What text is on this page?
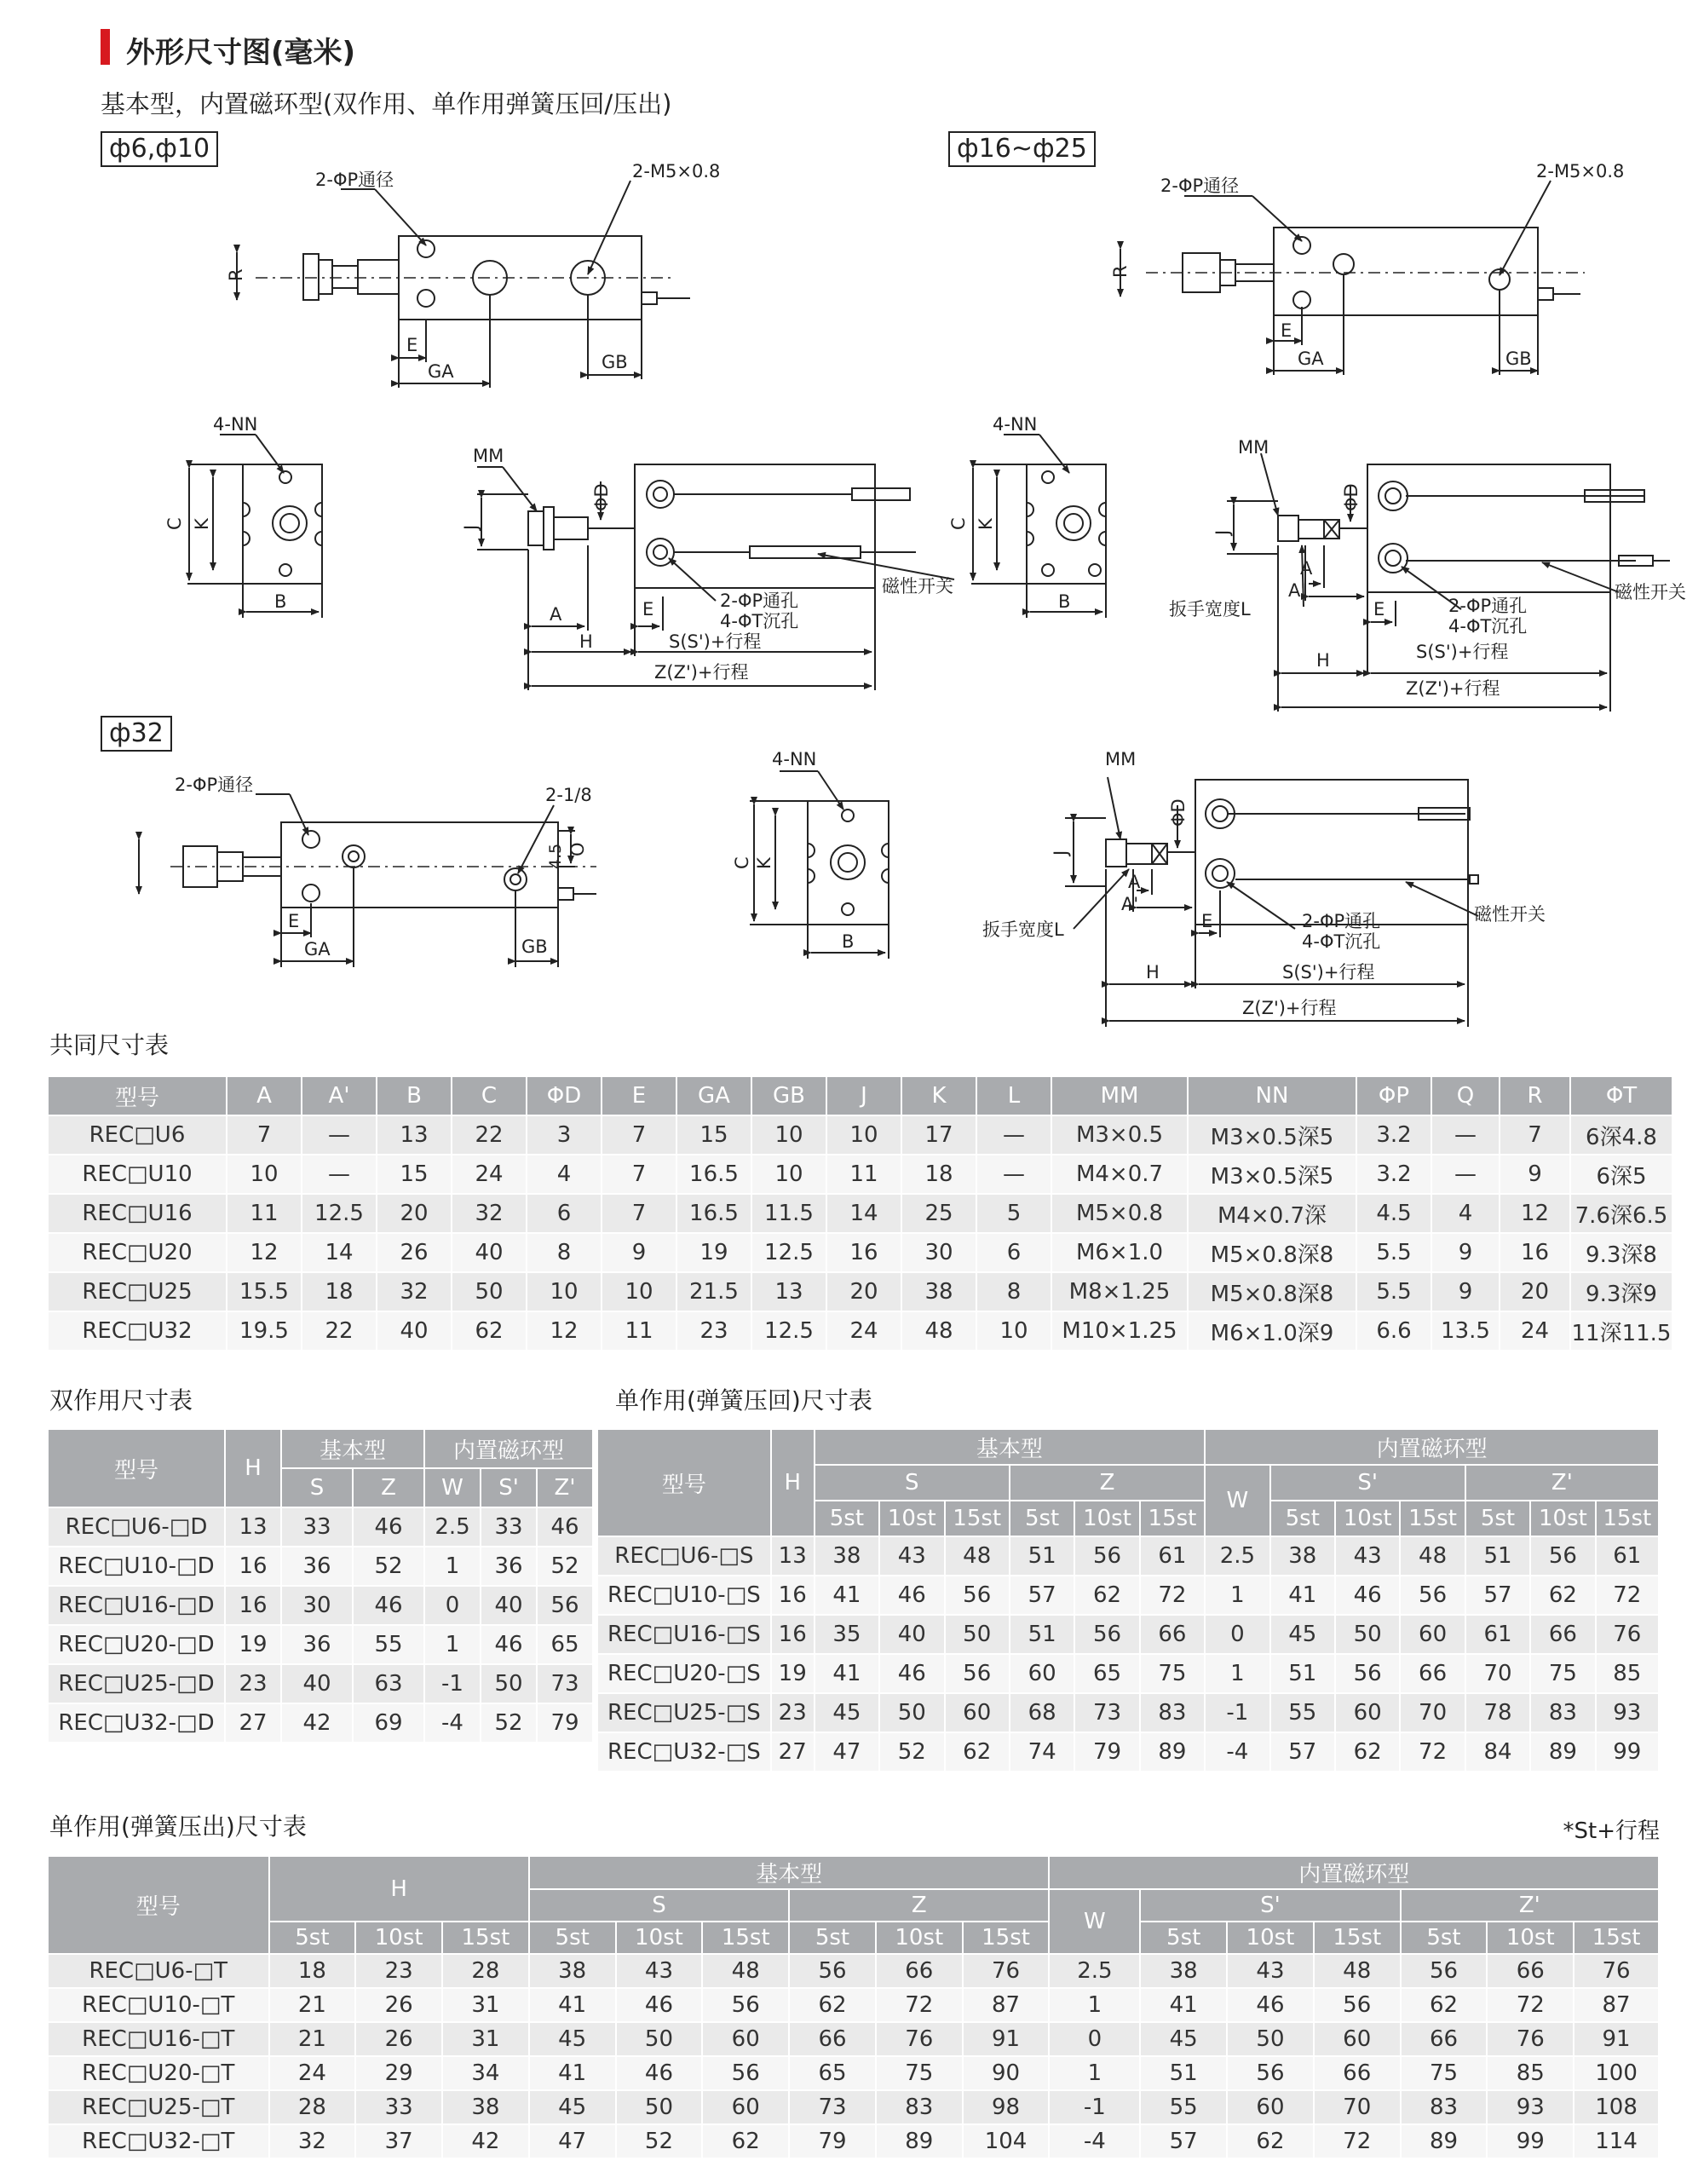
外形尺寸图(毫米)
基本型，内置磁环型(双作用、单作用弹簧压回/压出)
ф6,ф10	ф16~ф25
ф32
2-ΦP通径	2-M5×0.8
R
E
GA	GB
2-ΦP通径
2-M5×0.8
R
E
GA	GB
4-NN
C K
B
MM
J
ΦD
A	E
H
2-ΦP通孔
4-ΦT沉孔
S(S')+行程
Z(Z')+行程
磁性开关
4-NN
C K
B
MM
J
ΦD
A
A'
扳手宽度L	E	2-ΦP通孔
4-ΦT沉孔
H	S(S')+行程
Z(Z')+行程
磁性开关
2-ΦP通径	2-1/8
4.5 O
E
GA	GB
4-NN
C K
B
MM
J
ΦD
A
A'
扳手宽度L	E	2-ΦP通孔
4-ΦT沉孔
H	S(S')+行程
Z(Z')+行程
磁性开关
共同尺寸表
型号	A	A'	B	C	ΦD	E	GA	GB	J	K	L	MM	NN	ΦP	Q	R	ΦT
REC□U6	7	—	13	22	3	7	15	10	10	17	—	M3×0.5	M3×0.5深5	3.2	—	7	6深4.8
REC□U10	10	—	15	24	4	7	16.5	10	11	18	—	M4×0.7	M3×0.5深5	3.2	—	9	6深5
REC□U16	11	12.5	20	32	6	7	16.5	11.5	14	25	5	M5×0.8	M4×0.7深	4.5	4	12	7.6深6.5
REC□U20	12	14	26	40	8	9	19	12.5	16	30	6	M6×1.0	M5×0.8深8	5.5	9	16	9.3深8
REC□U25	15.5	18	32	50	10	10	21.5	13	20	38	8	M8×1.25	M5×0.8深8	5.5	9	20	9.3深9
REC□U32	19.5	22	40	62	12	11	23	12.5	24	48	10	M10×1.25	M6×1.0深9	6.6	13.5	24	11深11.5
双作用尺寸表
型号	H	基本型		内置磁环型		
		S	Z	W	S'	Z'
REC□U6-□D	13	33	46	2.5	33	46
REC□U10-□D	16	36	52	1	36	52
REC□U16-□D	16	30	46	0	40	56
REC□U20-□D	19	36	55	1	46	65
REC□U25-□D	23	40	63	-1	50	73
REC□U32-□D	27	42	69	-4	52	79
单作用(弹簧压回)尺寸表
型号	H	基本型						内置磁环型						
		S			Z			W	S'			Z'		
		5st	10st	15st	5st	10st	15st		5st	10st	15st	5st	10st	15st
REC□U6-□S	13	38	43	48	51	56	61	2.5	38	43	48	51	56	61
REC□U10-□S	16	41	46	56	57	62	72	1	41	46	56	57	62	72
REC□U16-□S	16	35	40	50	51	56	66	0	45	50	60	61	66	76
REC□U20-□S	19	41	46	56	60	65	75	1	51	56	66	70	75	85
REC□U25-□S	23	45	50	60	68	73	83	-1	55	60	70	78	83	93
REC□U32-□S	27	47	52	62	74	79	89	-4	57	62	72	84	89	99
单作用(弹簧压出)尺寸表	*St+行程
型号	H			基本型						内置磁环型						
				S			Z			W	S'			Z'		
	5st	10st	15st	5st	10st	15st	5st	10st	15st		5st	10st	15st	5st	10st	15st
REC□U6-□T	18	23	28	38	43	48	56	66	76	2.5	38	43	48	56	66	76
REC□U10-□T	21	26	31	41	46	56	62	72	87	1	41	46	56	62	72	87
REC□U16-□T	21	26	31	45	50	60	66	76	91	0	45	50	60	66	76	91
REC□U20-□T	24	29	34	41	46	56	65	75	90	1	51	56	66	75	85	100
REC□U25-□T	28	33	38	45	50	60	73	83	98	-1	55	60	70	83	93	108
REC□U32-□T	32	37	42	47	52	62	79	89	104	-4	57	62	72	89	99	114
